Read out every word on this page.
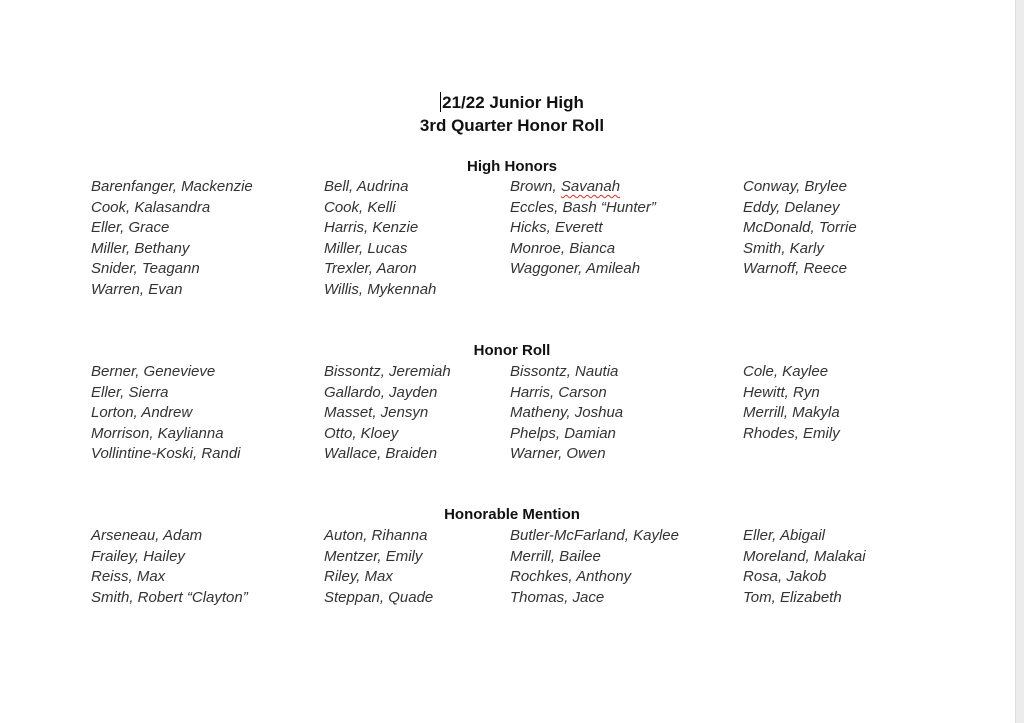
21/22 Junior High
3rd Quarter Honor Roll
High Honors
Barenfanger, Mackenzie
Cook, Kalasandra
Eller, Grace
Miller, Bethany
Snider, Teagann
Warren, Evan
Bell, Audrina
Cook, Kelli
Harris, Kenzie
Miller, Lucas
Trexler, Aaron
Willis, Mykennah
Brown, Savanah
Eccles, Bash “Hunter”
Hicks, Everett
Monroe, Bianca
Waggoner, Amileah
Conway, Brylee
Eddy, Delaney
McDonald, Torrie
Smith, Karly
Warnoff, Reece
Honor Roll
Berner, Genevieve
Eller, Sierra
Lorton, Andrew
Morrison, Kaylianna
Vollintine-Koski, Randi
Bissontz, Jeremiah
Gallardo, Jayden
Masset, Jensyn
Otto, Kloey
Wallace, Braiden
Bissontz, Nautia
Harris, Carson
Matheny, Joshua
Phelps, Damian
Warner, Owen
Cole, Kaylee
Hewitt, Ryn
Merrill, Makyla
Rhodes, Emily
Honorable Mention
Arseneau, Adam
Frailey, Hailey
Reiss, Max
Smith, Robert “Clayton”
Auton, Rihanna
Mentzer, Emily
Riley, Max
Steppan, Quade
Butler-McFarland, Kaylee
Merrill, Bailee
Rochkes, Anthony
Thomas, Jace
Eller, Abigail
Moreland, Malakai
Rosa, Jakob
Tom, Elizabeth
